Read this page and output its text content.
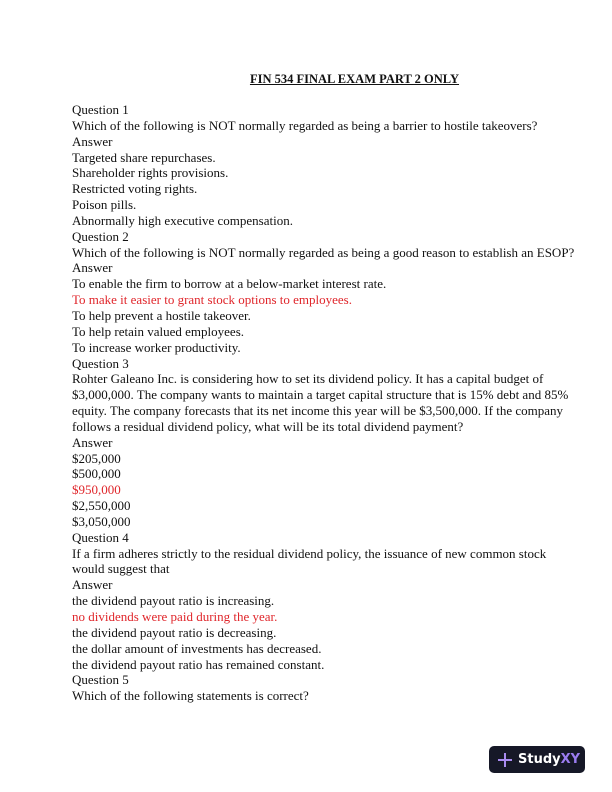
FIN 534 FINAL EXAM PART 2 ONLY
Question 1
Which of the following is NOT normally regarded as being a barrier to hostile takeovers?
Answer
Targeted share repurchases.
Shareholder rights provisions.
Restricted voting rights.
Poison pills.
Abnormally high executive compensation.
Question 2
Which of the following is NOT normally regarded as being a good reason to establish an ESOP?
Answer
To enable the firm to borrow at a below-market interest rate.
To make it easier to grant stock options to employees.
To help prevent a hostile takeover.
To help retain valued employees.
To increase worker productivity.
Question 3
Rohter Galeano Inc. is considering how to set its dividend policy. It has a capital budget of
$3,000,000. The company wants to maintain a target capital structure that is 15% debt and 85%
equity. The company forecasts that its net income this year will be $3,500,000. If the company
follows a residual dividend policy, what will be its total dividend payment?
Answer
$205,000
$500,000
$950,000
$2,550,000
$3,050,000
Question 4
If a firm adheres strictly to the residual dividend policy, the issuance of new common stock
would suggest that
Answer
the dividend payout ratio is increasing.
no dividends were paid during the year.
the dividend payout ratio is decreasing.
the dollar amount of investments has decreased.
the dividend payout ratio has remained constant.
Question 5
Which of the following statements is correct?
Study XY
